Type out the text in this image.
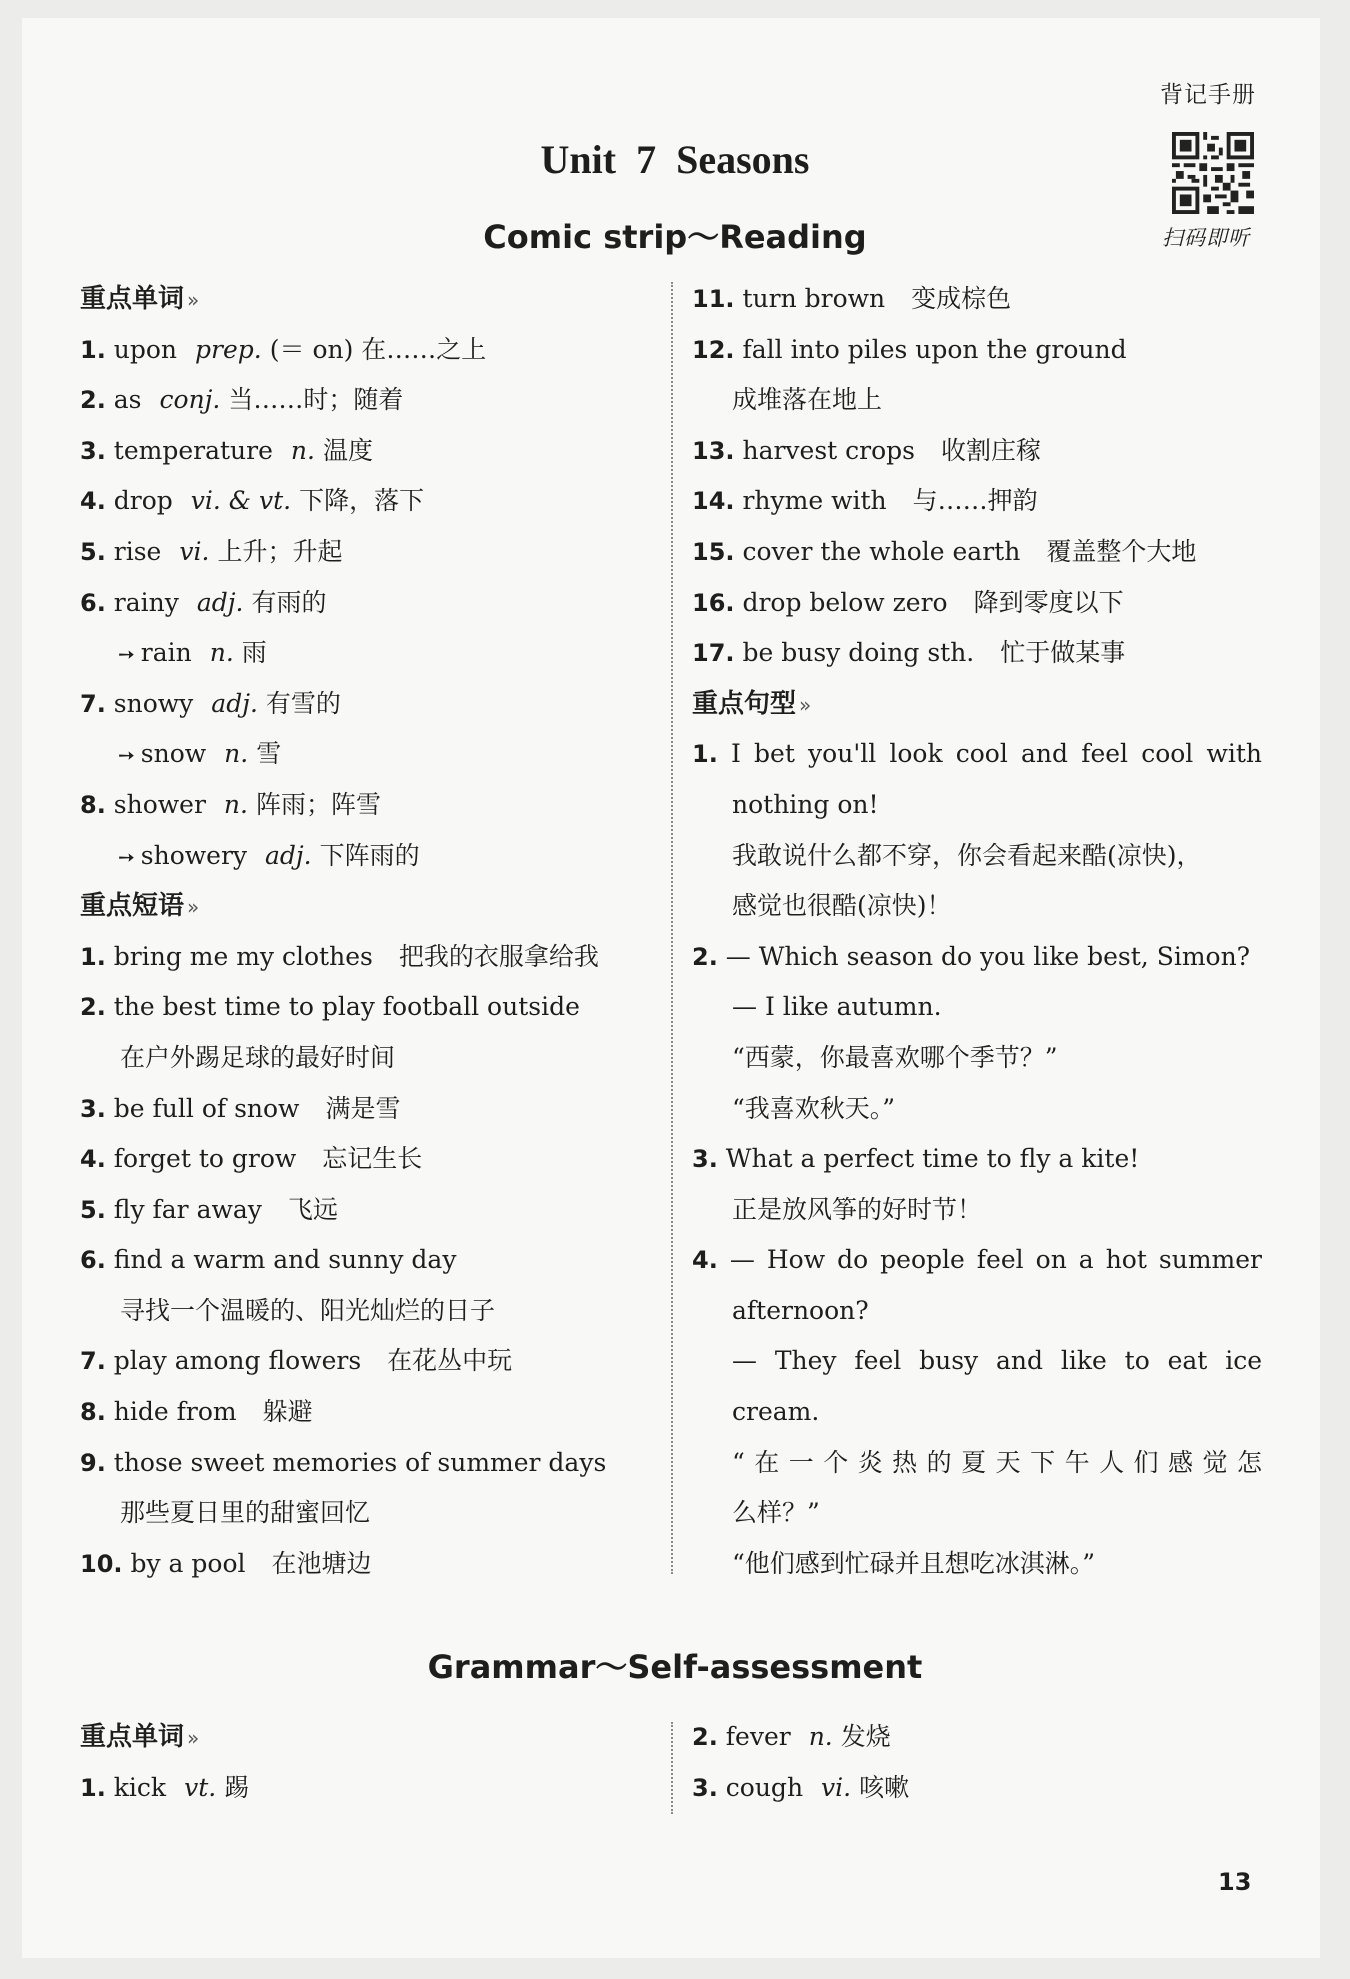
背记手册
扫码即听
Unit 7 Seasons
Comic strip～Reading
重点单词 »
1. upon prep. (＝ on) 在……之上
2. as conj. 当……时；随着
3. temperature n. 温度
4. drop vi. & vt. 下降，落下
5. rise vi. 上升；升起
6. rainy adj. 有雨的
➙ rain n. 雨
7. snowy adj. 有雪的
➙ snow n. 雪
8. shower n. 阵雨；阵雪
➙ showery adj. 下阵雨的
重点短语 »
1. bring me my clothes 把我的衣服拿给我
2. the best time to play football outside
在户外踢足球的最好时间
3. be full of snow 满是雪
4. forget to grow 忘记生长
5. fly far away 飞远
6. find a warm and sunny day
寻找一个温暖的、阳光灿烂的日子
7. play among flowers 在花丛中玩
8. hide from 躲避
9. those sweet memories of summer days
那些夏日里的甜蜜回忆
10. by a pool 在池塘边
11. turn brown 变成棕色
12. fall into piles upon the ground
成堆落在地上
13. harvest crops 收割庄稼
14. rhyme with 与……押韵
15. cover the whole earth 覆盖整个大地
16. drop below zero 降到零度以下
17. be busy doing sth. 忙于做某事
重点句型 »
1. I bet you'll look cool and feel cool with
nothing on!
我敢说什么都不穿，你会看起来酷(凉快)，
感觉也很酷(凉快)！
2. — Which season do you like best, Simon?
— I like autumn.
“西蒙，你最喜欢哪个季节？”
“我喜欢秋天。”
3. What a perfect time to fly a kite!
正是放风筝的好时节！
4. — How do people feel on a hot summer
afternoon?
— They feel busy and like to eat ice
cream.
“在一个炎热的夏天下午人们感觉怎
么样？”
“他们感到忙碌并且想吃冰淇淋。”
Grammar～Self-assessment
重点单词 »
1. kick vt. 踢
2. fever n. 发烧
3. cough vi. 咳嗽
13
